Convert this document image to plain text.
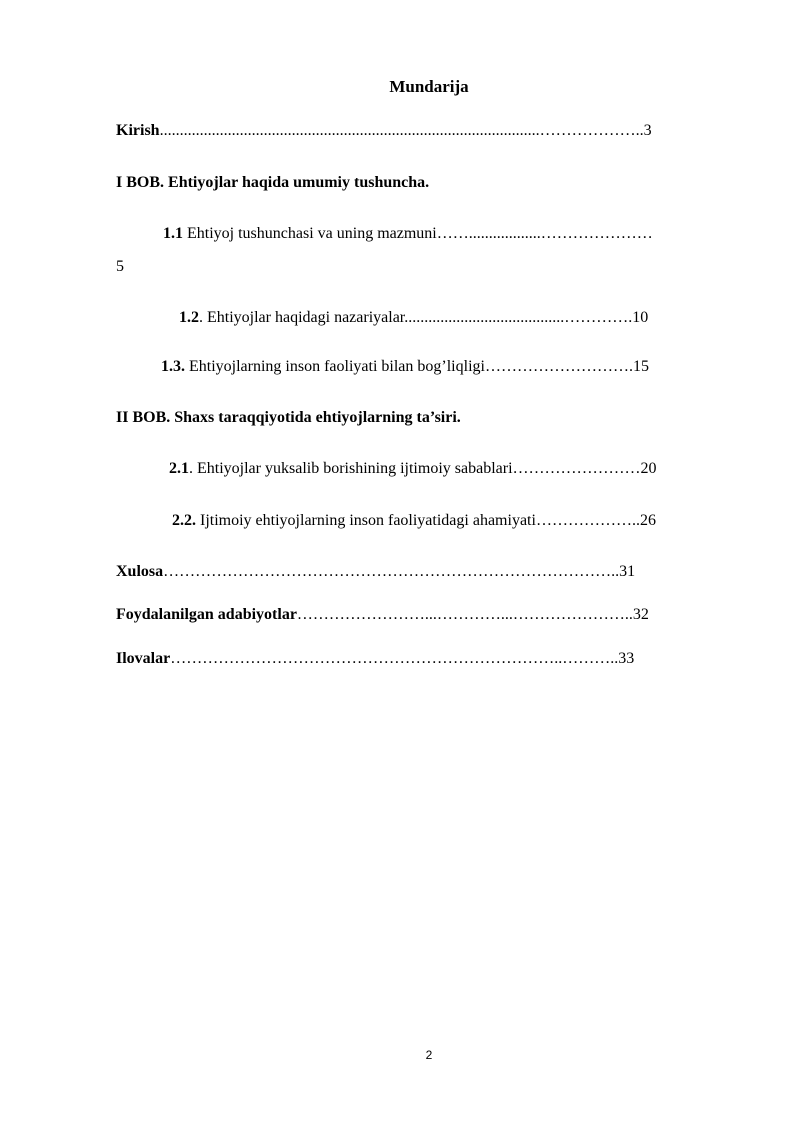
Mundarija
Kirish...............................................................................................………………..3
I BOB. Ehtiyojlar haqida umumiy tushuncha.
1.1 Ehtiyoj tushunchasi va uning mazmuni……..................…………………
5
1.2. Ehtiyojlar haqidagi nazariyalar........................................………….10
1.3. Ehtiyojlarning inson faoliyati bilan bog’liqligi……………………….15
II BOB. Shaxs taraqqiyotida ehtiyojlarning ta’siri.
2.1. Ehtiyojlar yuksalib borishining ijtimoiy sabablari……………………20
2.2. Ijtimoiy ehtiyojlarning inson faoliyatidagi ahamiyati………………..26
Xulosa…………………………………………………………………………..31
Foydalanilgan adabiyotlar……………………...…………...…………………..32
Ilovalar………………………………………………………………..………..33
2
